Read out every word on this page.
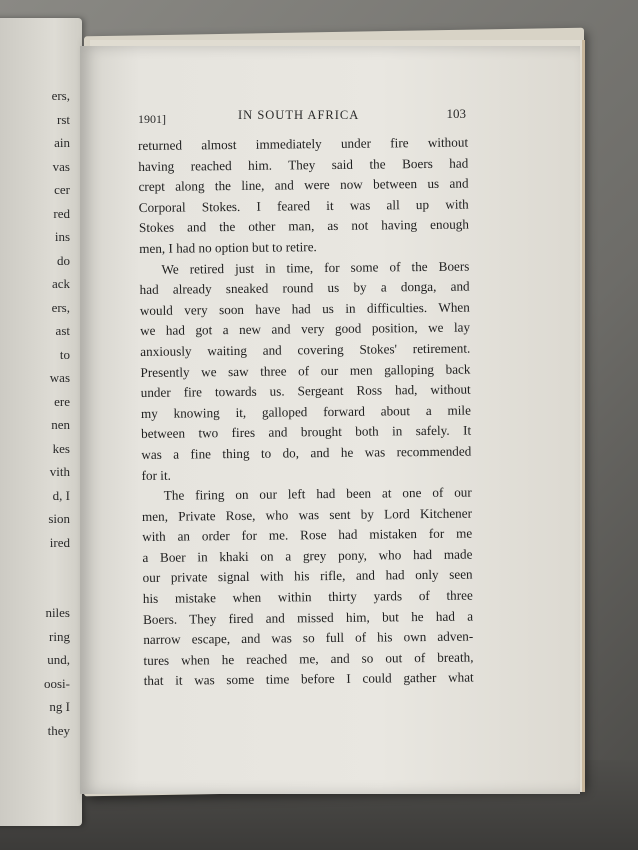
ers,
rst
ain
vas
cer
red
ins
do
ack
ers,
ast
to
was
ere
nen
kes
vith
d, I
sion
ired
niles
ring
und,
oosi-
ng I
they
1901]	IN SOUTH AFRICA	103
returned almost immediately under fire without
having reached him. They said the Boers had
crept along the line, and were now between us and
Corporal Stokes. I feared it was all up with
Stokes and the other man, as not having enough
men, I had no option but to retire.
We retired just in time, for some of the Boers
had already sneaked round us by a donga, and
would very soon have had us in difficulties. When
we had got a new and very good position, we lay
anxiously waiting and covering Stokes' retirement.
Presently we saw three of our men galloping back
under fire towards us. Sergeant Ross had, without
my knowing it, galloped forward about a mile
between two fires and brought both in safely. It
was a fine thing to do, and he was recommended
for it.
The firing on our left had been at one of our
men, Private Rose, who was sent by Lord Kitchener
with an order for me. Rose had mistaken for me
a Boer in khaki on a grey pony, who had made
our private signal with his rifle, and had only seen
his mistake when within thirty yards of three
Boers. They fired and missed him, but he had a
narrow escape, and was so full of his own adven-
tures when he reached me, and so out of breath,
that it was some time before I could gather what
